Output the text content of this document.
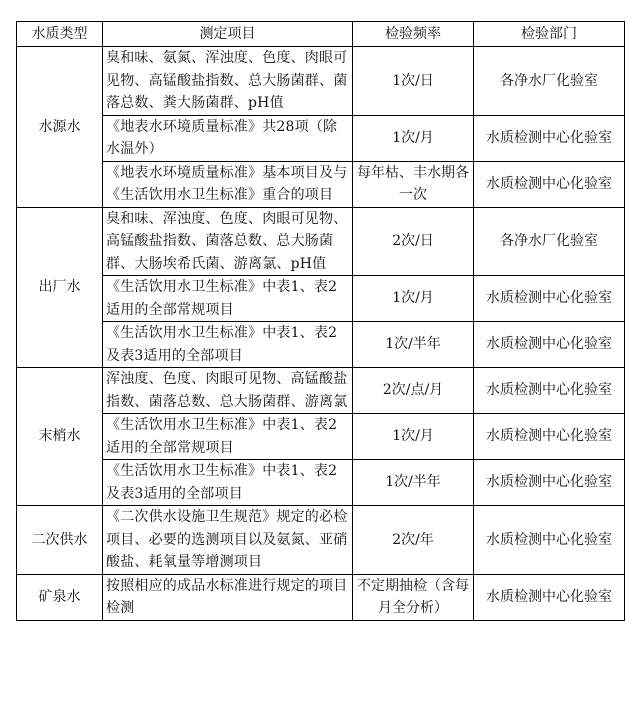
水质类型	测定项目	检验频率	检验部门
水源水	臭和味、氨氮、浑浊度、色度、肉眼可见物、高锰酸盐指数、总大肠菌群、菌落总数、粪大肠菌群、pH值	1次/日	各净水厂化验室
	《地表水环境质量标准》共28项（除水温外）	1次/月	水质检测中心化验室
	《地表水环境质量标准》基本项目及与《生活饮用水卫生标准》重合的项目	每年枯、丰水期各一次	水质检测中心化验室
出厂水	臭和味、浑浊度、色度、肉眼可见物、高锰酸盐指数、菌落总数、总大肠菌群、大肠埃希氏菌、游离氯、pH值	2次/日	各净水厂化验室
	《生活饮用水卫生标准》中表1、表2适用的全部常规项目	1次/月	水质检测中心化验室
	《生活饮用水卫生标准》中表1、表2及表3适用的全部项目	1次/半年	水质检测中心化验室
末梢水	浑浊度、色度、肉眼可见物、高锰酸盐指数、菌落总数、总大肠菌群、游离氯	2次/点/月	水质检测中心化验室
	《生活饮用水卫生标准》中表1、表2适用的全部常规项目	1次/月	水质检测中心化验室
	《生活饮用水卫生标准》中表1、表2及表3适用的全部项目	1次/半年	水质检测中心化验室
二次供水	《二次供水设施卫生规范》规定的必检项目、必要的选测项目以及氨氮、亚硝酸盐、耗氧量等增测项目	2次/年	水质检测中心化验室
矿泉水	按照相应的成品水标准进行规定的项目检测	不定期抽检（含每月全分析）	水质检测中心化验室
